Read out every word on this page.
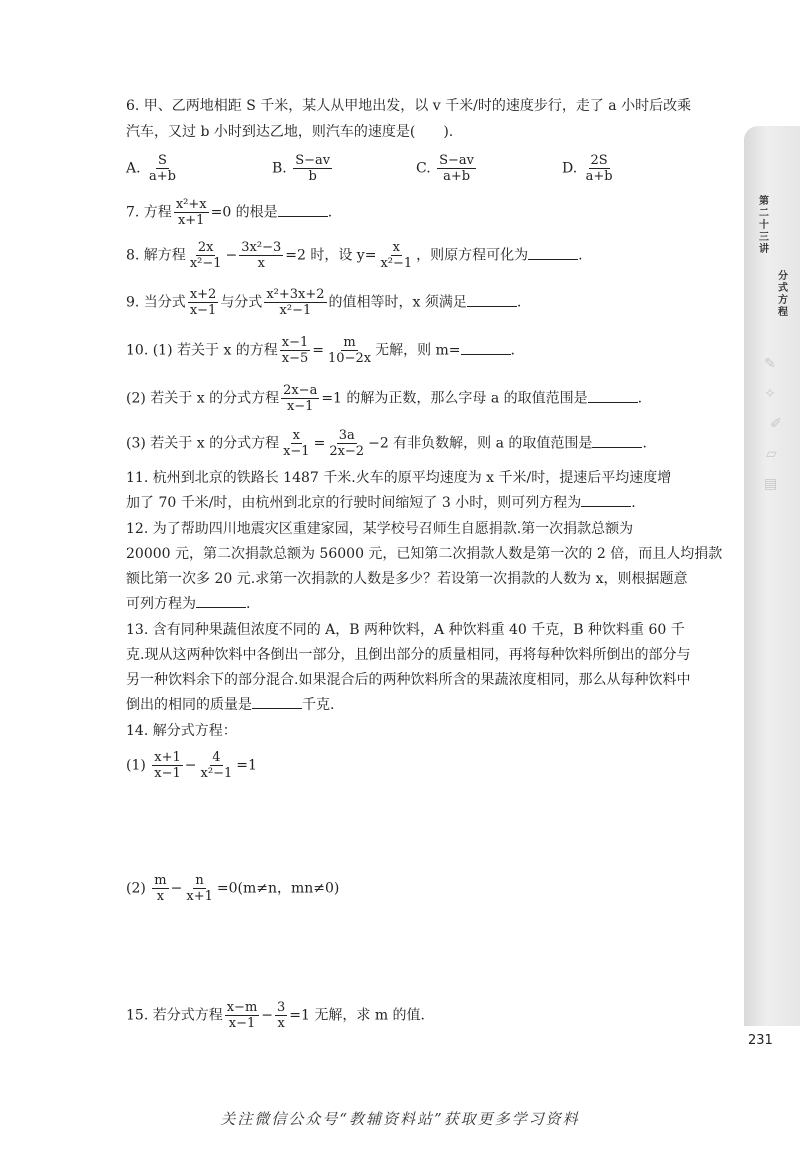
第二十三讲
分式方程
✎
✧
✐
▱
▤
6. 甲、乙两地相距 S 千米，某人从甲地出发，以 v 千米/时的速度步行，走了 a 小时后改乘
汽车，又过 b 小时到达乙地，则汽车的速度是(　　).
A. $\frac{S}{a+b}$	B. $\frac{S-av}{b}$	C. $\frac{S-av}{a+b}$	D. $\frac{2S}{a+b}$
7. 方程 $\frac{\text{x²+x}}{x+1} =0$ 的根是	.
8. 解方程 $\frac{2x}{\text{x²−1}} - \frac{\text{3x²−3}}{x} =2$ 时，设 $y= \frac{x}{\text{x²−1}}$ ，则原方程可化为	.
9. 当分式 $\frac{x+2}{x-1}$ 与分式 $\frac{\text{x²+3x+2}}{\text{x²−1}}$ 的值相等时，x 须满足	.
10. (1) 若关于 x 的方程 $\frac{x-1}{x-5} = \frac{m}{10-2x}$ 无解，则 m=	.
(2) 若关于 x 的分式方程 $\frac{2x-a}{x-1} =1$ 的解为正数，那么字母 a 的取值范围是	.
(3) 若关于 x 的分式方程 $\frac{x}{x-1} = \frac{3a}{2x-2} -2$ 有非负数解，则 a 的取值范围是	.
11. 杭州到北京的铁路长 1487 千米.火车的原平均速度为 x 千米/时，提速后平均速度增
加了 70 千米/时，由杭州到北京的行驶时间缩短了 3 小时，则可列方程为	.
12. 为了帮助四川地震灾区重建家园，某学校号召师生自愿捐款.第一次捐款总额为
20000 元，第二次捐款总额为 56000 元，已知第二次捐款人数是第一次的 2 倍，而且人均捐款
额比第一次多 20 元.求第一次捐款的人数是多少？若设第一次捐款的人数为 x，则根据题意
可列方程为	.
13. 含有同种果蔬但浓度不同的 A，B 两种饮料，A 种饮料重 40 千克，B 种饮料重 60 千
克.现从这两种饮料中各倒出一部分，且倒出部分的质量相同，再将每种饮料所倒出的部分与
另一种饮料余下的部分混合.如果混合后的两种饮料所含的果蔬浓度相同，那么从每种饮料中
倒出的相同的质量是	千克.
14. 解分式方程：
$(1) \frac{x+1}{x-1} - \frac{4}{\text{x²−1}} =1$
$(2) \frac{m}{x} - \frac{n}{x+1} =0(m\ne n$，mn≠0)
15. 若分式方程 $\frac{x-m}{x-1} - \frac{3}{x} =1$ 无解，求 m 的值.
231
关注微信公众号“教辅资料站”获取更多学习资料
